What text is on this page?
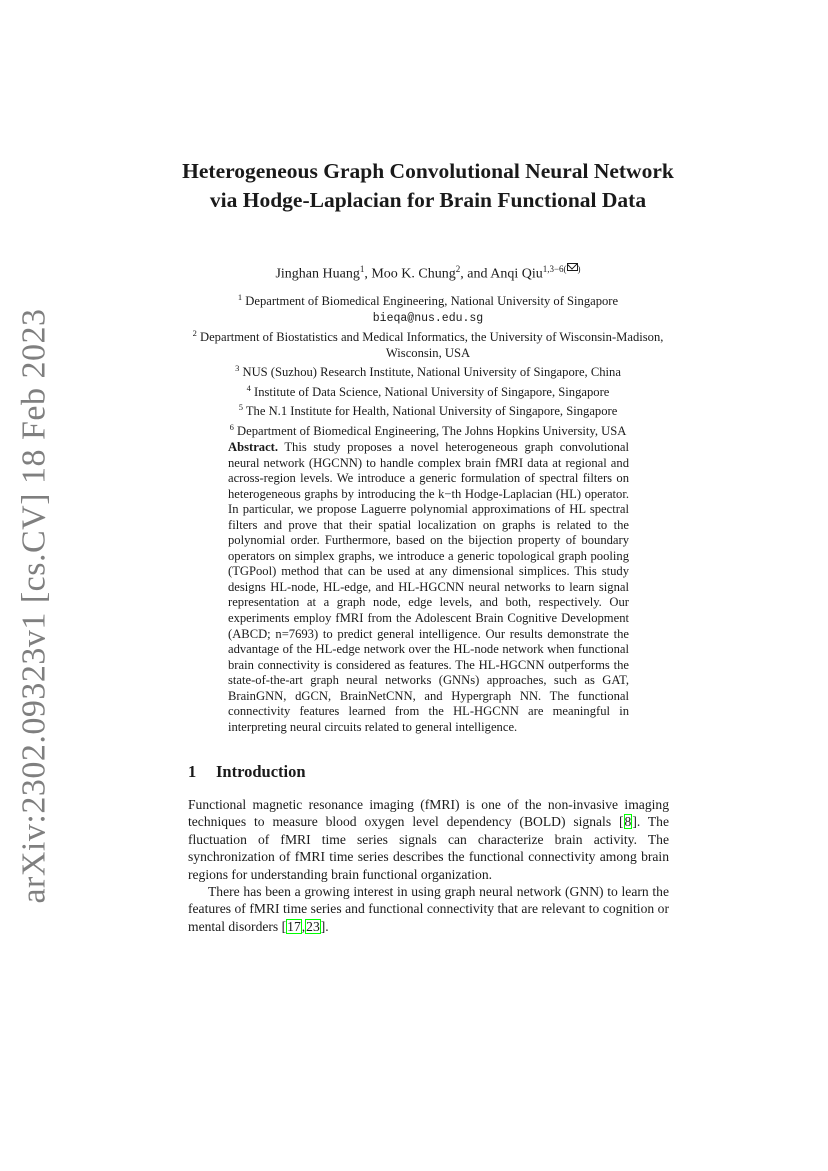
arXiv:2302.09323v1 [cs.CV] 18 Feb 2023
Heterogeneous Graph Convolutional Neural Network via Hodge-Laplacian for Brain Functional Data
Jinghan Huang$^1$, Moo K. Chung$^2$, and Anqi Qiu$^{1,3-6( )}$
$^1$ Department of Biomedical Engineering, National University of Singapore
bieqa@nus.edu.sg
$^2$ Department of Biostatistics and Medical Informatics, the University of Wisconsin-Madison, Wisconsin, USA
$^3$ NUS (Suzhou) Research Institute, National University of Singapore, China
$^4$ Institute of Data Science, National University of Singapore, Singapore
$^5$ The N.1 Institute for Health, National University of Singapore, Singapore
$^6$ Department of Biomedical Engineering, The Johns Hopkins University, USA
Abstract. This study proposes a novel heterogeneous graph convolutional neural network (HGCNN) to handle complex brain fMRI data at regional and across-region levels. We introduce a generic formulation of spectral filters on heterogeneous graphs by introducing the k−th Hodge-Laplacian (HL) operator. In particular, we propose Laguerre polynomial approximations of HL spectral filters and prove that their spatial localization on graphs is related to the polynomial order. Furthermore, based on the bijection property of boundary operators on simplex graphs, we introduce a generic topological graph pooling (TGPool) method that can be used at any dimensional simplices. This study designs HL-node, HL-edge, and HL-HGCNN neural networks to learn signal representation at a graph node, edge levels, and both, respectively. Our experiments employ fMRI from the Adolescent Brain Cognitive Development (ABCD; n=7693) to predict general intelligence. Our results demonstrate the advantage of the HL-edge network over the HL-node network when functional brain connectivity is considered as features. The HL-HGCNN outperforms the state-of-the-art graph neural networks (GNNs) approaches, such as GAT, BrainGNN, dGCN, BrainNetCNN, and Hypergraph NN. The functional connectivity features learned from the HL-HGCNN are meaningful in interpreting neural circuits related to general intelligence.
1 Introduction

Functional magnetic resonance imaging (fMRI) is one of the non-invasive imaging techniques to measure blood oxygen level dependency (BOLD) signals [8]. The fluctuation of fMRI time series signals can characterize brain activity. The synchronization of fMRI time series describes the functional connectivity among brain regions for understanding brain functional organization.

There has been a growing interest in using graph neural network (GNN) to learn the features of fMRI time series and functional connectivity that are relevant to cognition or mental disorders [17,23].
